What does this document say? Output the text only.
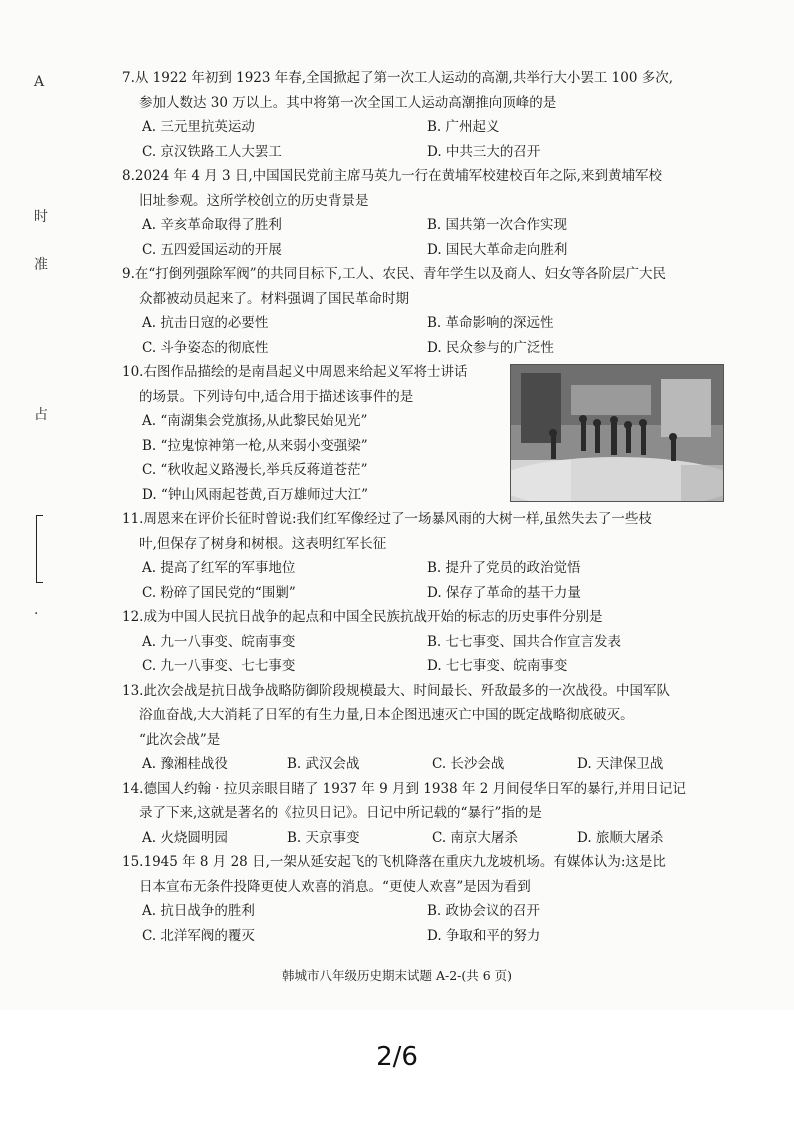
A
时
准
占
·
7.从 1922 年初到 1923 年春,全国掀起了第一次工人运动的高潮,共举行大小罢工 100 多次,
参加人数达 30 万以上。其中将第一次全国工人运动高潮推向顶峰的是
A. 三元里抗英运动	B. 广州起义
C. 京汉铁路工人大罢工	D. 中共三大的召开
8.2024 年 4 月 3 日,中国国民党前主席马英九一行在黄埔军校建校百年之际,来到黄埔军校
旧址参观。这所学校创立的历史背景是
A. 辛亥革命取得了胜利	B. 国共第一次合作实现
C. 五四爱国运动的开展	D. 国民大革命走向胜利
9.在“打倒列强除军阀”的共同目标下,工人、农民、青年学生以及商人、妇女等各阶层广大民
众都被动员起来了。材料强调了国民革命时期
A. 抗击日寇的必要性	B. 革命影响的深远性
C. 斗争姿态的彻底性	D. 民众参与的广泛性
10.右图作品描绘的是南昌起义中周恩来给起义军将士讲话
的场景。下列诗句中,适合用于描述该事件的是
A. “南湖集会党旗扬,从此黎民始见光”
B. “拉鬼惊神第一枪,从来弱小变强梁”
C. “秋收起义路漫长,举兵反蒋道苍茫”
D. “钟山风雨起苍黄,百万雄师过大江”
11.周恩来在评价长征时曾说:我们红军像经过了一场暴风雨的大树一样,虽然失去了一些枝
叶,但保存了树身和树根。这表明红军长征
A. 提高了红军的军事地位	B. 提升了党员的政治觉悟
C. 粉碎了国民党的“围剿”	D. 保存了革命的基干力量
12.成为中国人民抗日战争的起点和中国全民族抗战开始的标志的历史事件分别是
A. 九一八事变、皖南事变	B. 七七事变、国共合作宣言发表
C. 九一八事变、七七事变	D. 七七事变、皖南事变
13.此次会战是抗日战争战略防御阶段规模最大、时间最长、歼敌最多的一次战役。中国军队
浴血奋战,大大消耗了日军的有生力量,日本企图迅速灭亡中国的既定战略彻底破灭。
“此次会战”是
A. 豫湘桂战役	B. 武汉会战	C. 长沙会战	D. 天津保卫战
14.德国人约翰 · 拉贝亲眼目睹了 1937 年 9 月到 1938 年 2 月间侵华日军的暴行,并用日记记
录了下来,这就是著名的《拉贝日记》。日记中所记载的“暴行”指的是
A. 火烧圆明园	B. 天京事变	C. 南京大屠杀	D. 旅顺大屠杀
15.1945 年 8 月 28 日,一架从延安起飞的飞机降落在重庆九龙坡机场。有媒体认为:这是比
日本宣布无条件投降更使人欢喜的消息。“更使人欢喜”是因为看到
A. 抗日战争的胜利	B. 政协会议的召开
C. 北洋军阀的覆灭	D. 争取和平的努力
韩城市八年级历史期末试题 A-2-(共 6 页)
2/6
